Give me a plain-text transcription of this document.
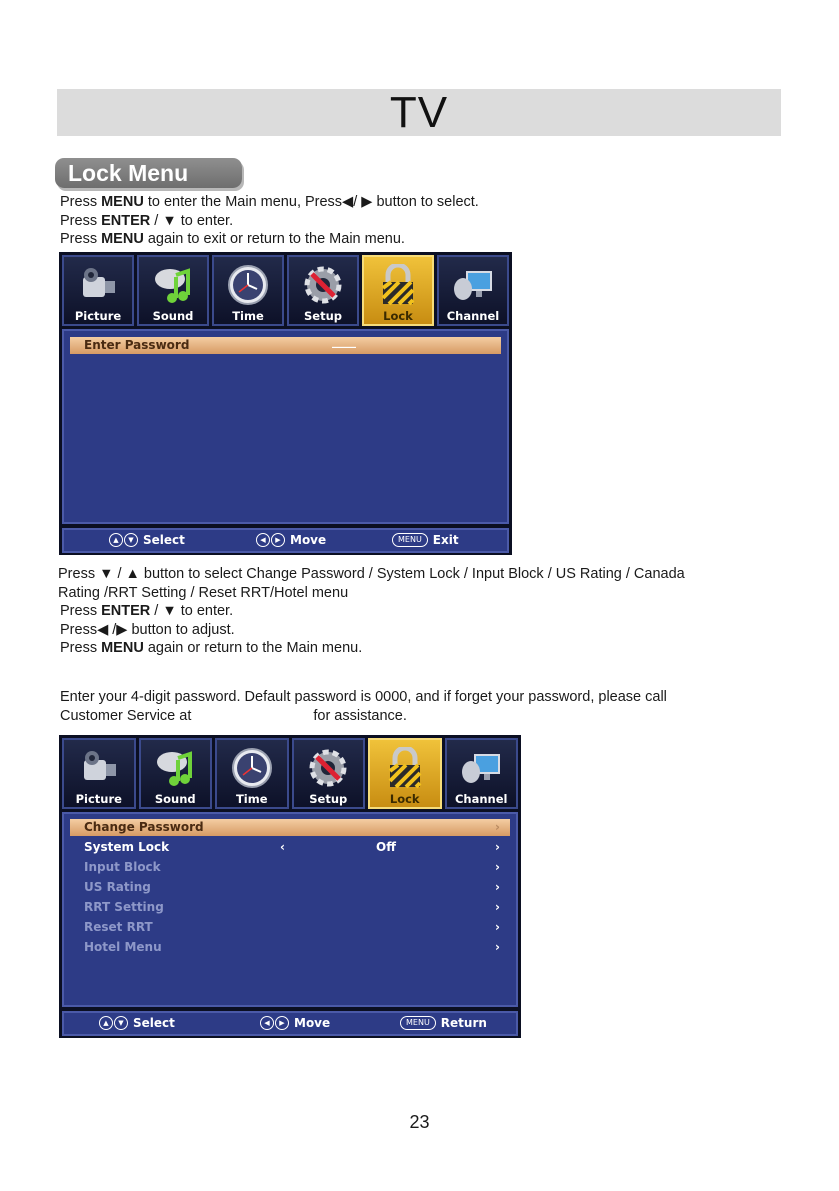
TV
Lock Menu

Press MENU to enter the Main menu, Press◀/ ▶ button to select.

Press ENTER / ▼ to enter.

Press MENU again to exit or return to the Main menu.

Picture	Sound	Time	Setup	Lock	Channel
Enter Password	____
▲	▼ Select	◀	▶ Move	MENU Exit

Press ▼ / ▲ button to select Change Password / System Lock / Input Block / US Rating / Canada

Rating /RRT Setting / Reset RRT/Hotel menu

Press ENTER / ▼ to enter.

Press◀ /▶ button to adjust.

Press MENU again or return to the Main menu.

Enter your 4-digit password. Default password is 0000, and if forget your password, please call

Customer Service at	for assistance.

Picture	Sound	Time	Setup	Lock	Channel
Change Password	›
System Lock	‹	Off	›
Input Block	›
US Rating	›
RRT Setting	›
Reset RRT	›
Hotel Menu	›
▲	▼ Select	◀	▶ Move	MENU Return
23
